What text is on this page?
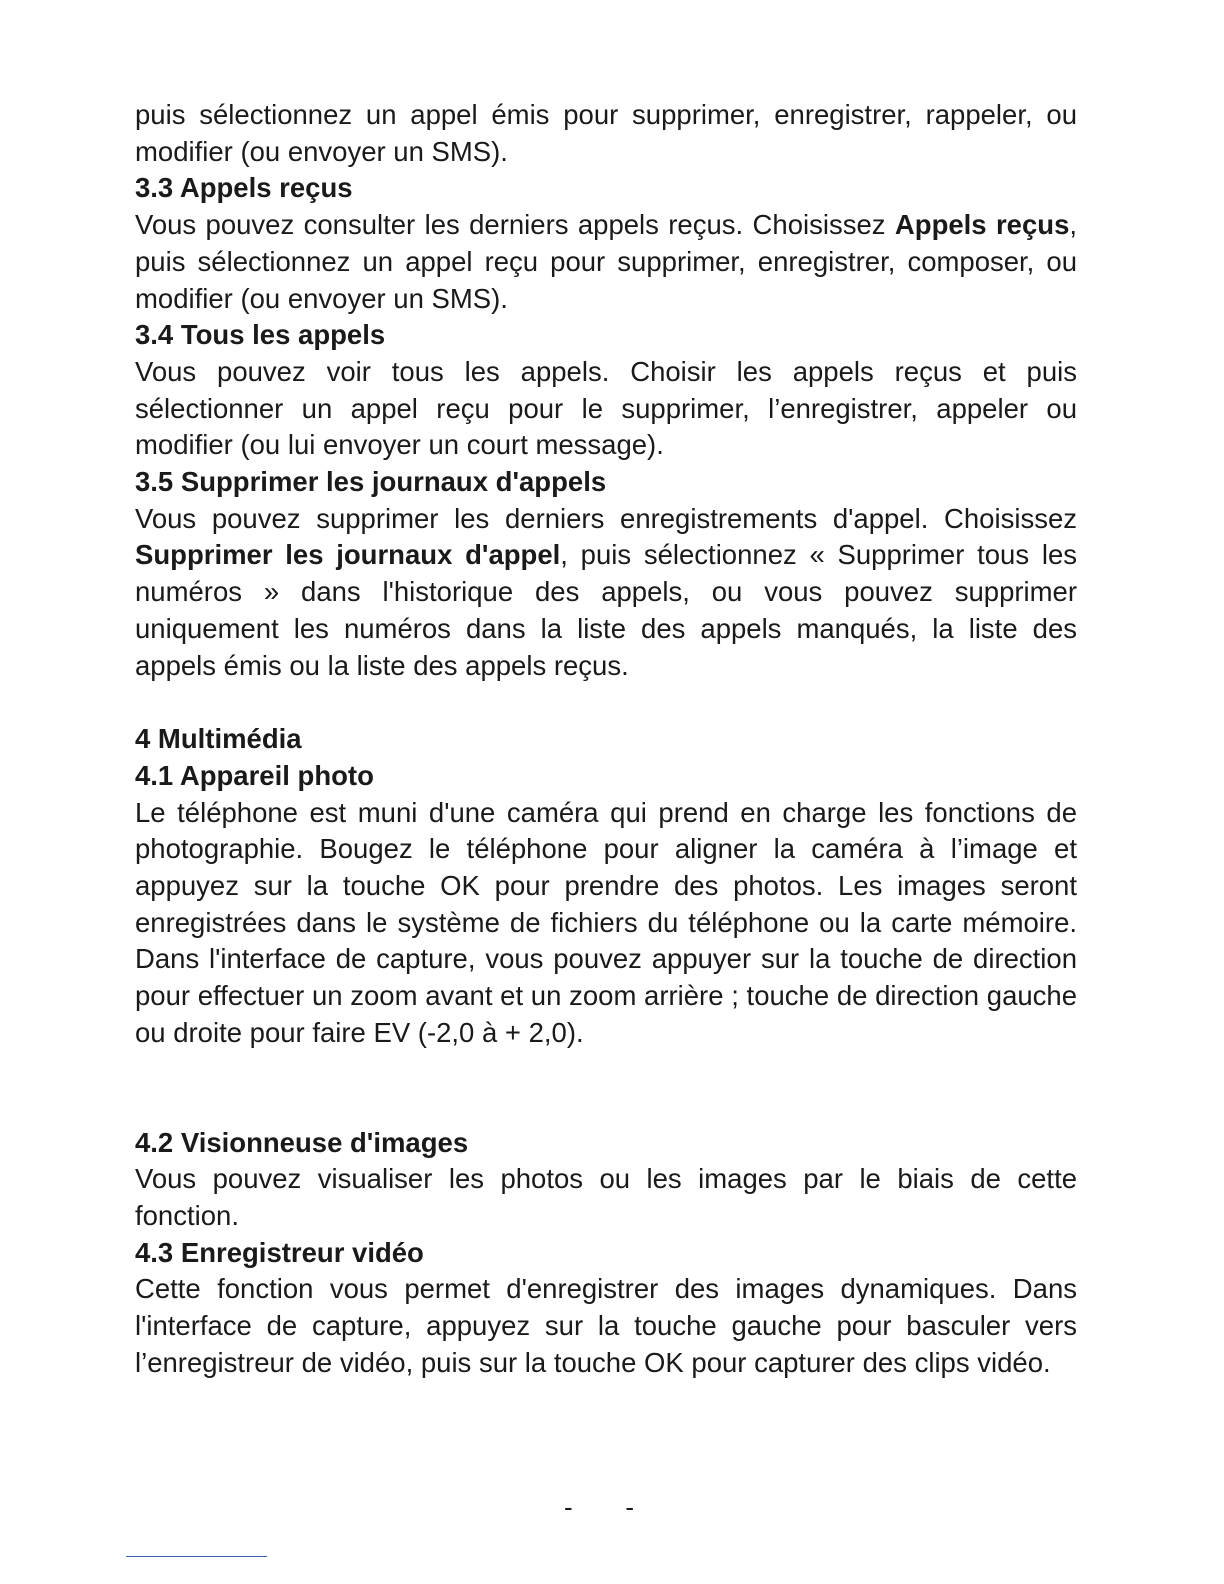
puis sélectionnez un appel émis pour supprimer, enregistrer, rappeler, ou modifier (ou envoyer un SMS).

3.3 Appels reçus

Vous pouvez consulter les derniers appels reçus. Choisissez Appels reçus, puis sélectionnez un appel reçu pour supprimer, enregistrer, composer, ou modifier (ou envoyer un SMS).

3.4 Tous les appels

Vous pouvez voir tous les appels. Choisir les appels reçus et puis sélectionner un appel reçu pour le supprimer, l’enregistrer, appeler ou modifier (ou lui envoyer un court message).

3.5 Supprimer les journaux d'appels

Vous pouvez supprimer les derniers enregistrements d'appel. Choisissez Supprimer les journaux d'appel, puis sélectionnez « Supprimer tous les numéros » dans l'historique des appels, ou vous pouvez supprimer uniquement les numéros dans la liste des appels manqués, la liste des appels émis ou la liste des appels reçus.

4 Multimédia

4.1 Appareil photo

Le téléphone est muni d'une caméra qui prend en charge les fonctions de photographie. Bougez le téléphone pour aligner la caméra à l’image et appuyez sur la touche OK pour prendre des photos. Les images seront enregistrées dans le système de fichiers du téléphone ou la carte mémoire. Dans l'interface de capture, vous pouvez appuyer sur la touche de direction pour effectuer un zoom avant et un zoom arrière ; touche de direction gauche ou droite pour faire EV (-2,0 à + 2,0).

4.2 Visionneuse d'images

Vous pouvez visualiser les photos ou les images par le biais de cette fonction.

4.3 Enregistreur vidéo

Cette fonction vous permet d'enregistrer des images dynamiques. Dans l'interface de capture, appuyez sur la touche gauche pour basculer vers l’enregistreur de vidéo, puis sur la touche OK pour capturer des clips vidéo.

- -
